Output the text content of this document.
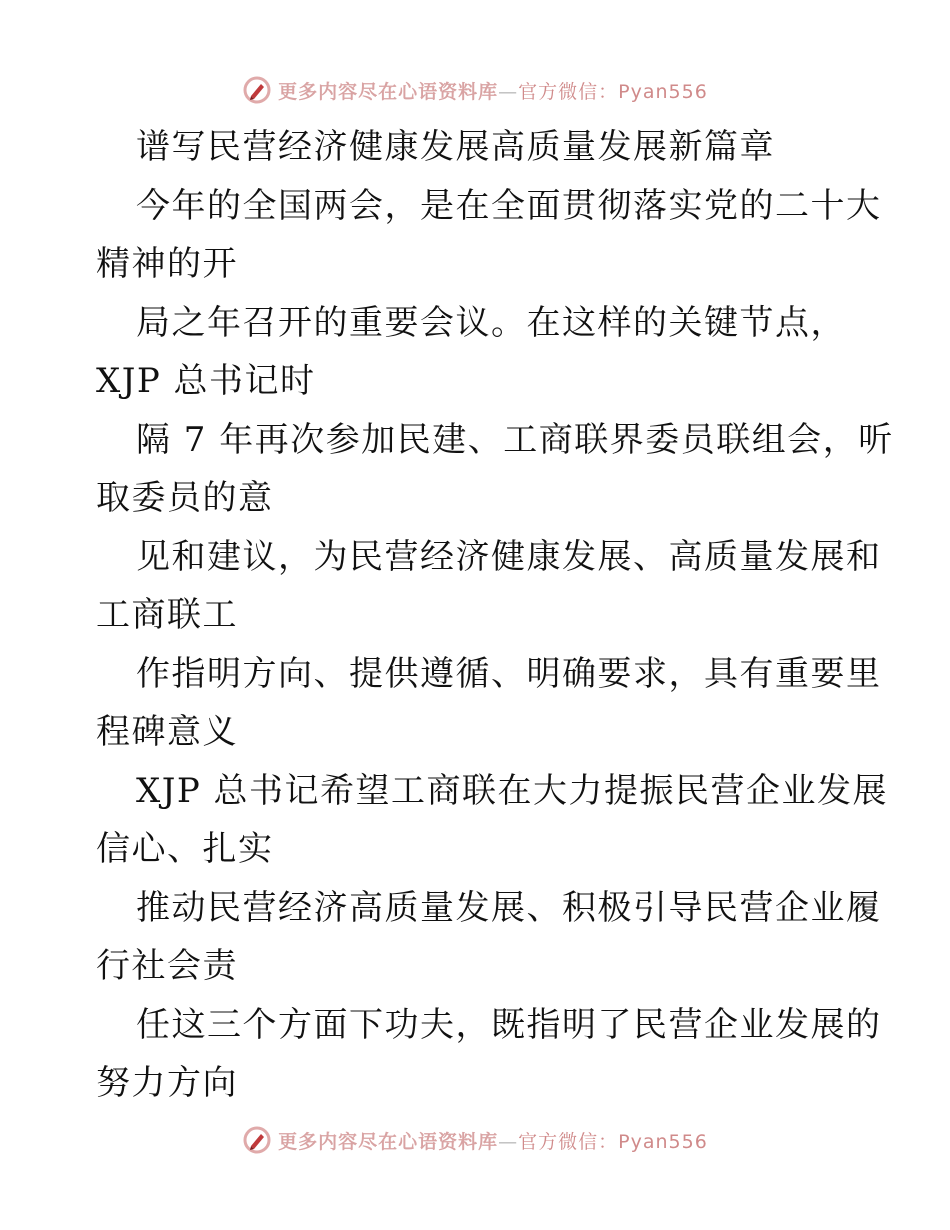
更多内容尽在心语资料库—官方微信：Pyan556
谱写民营经济健康发展高质量发展新篇章
今年的全国两会，是在全面贯彻落实党的二十大
精神的开
局之年召开的重要会议。在这样的关键节点，
XJP 总书记时
隔 7 年再次参加民建、工商联界委员联组会，听
取委员的意
见和建议，为民营经济健康发展、高质量发展和
工商联工
作指明方向、提供遵循、明确要求，具有重要里
程碑意义
XJP 总书记希望工商联在大力提振民营企业发展
信心、扎实
推动民营经济高质量发展、积极引导民营企业履
行社会责
任这三个方面下功夫，既指明了民营企业发展的
努力方向
更多内容尽在心语资料库—官方微信：Pyan556
